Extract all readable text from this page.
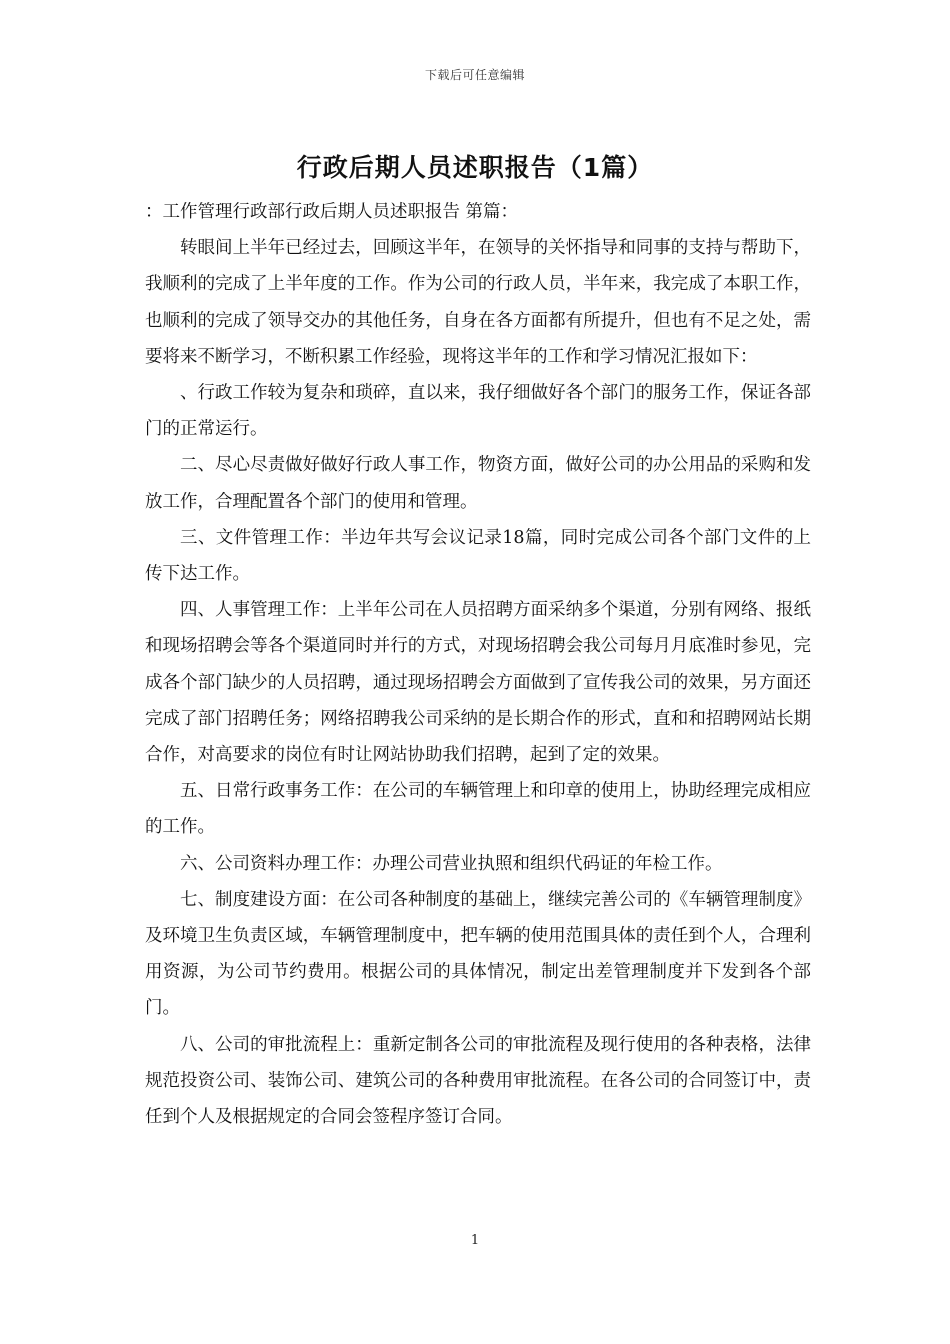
下载后可任意编辑
行政后期人员述职报告（1篇）

：工作管理行政部行政后期人员述职报告 第篇：

转眼间上半年已经过去，回顾这半年，在领导的关怀指导和同事的支持与帮助下，我顺利的完成了上半年度的工作。作为公司的行政人员，半年来，我完成了本职工作，也顺利的完成了领导交办的其他任务，自身在各方面都有所提升，但也有不足之处，需要将来不断学习，不断积累工作经验，现将这半年的工作和学习情况汇报如下：

、行政工作较为复杂和琐碎，直以来，我仔细做好各个部门的服务工作，保证各部门的正常运行。

二、尽心尽责做好做好行政人事工作，物资方面，做好公司的办公用品的采购和发放工作，合理配置各个部门的使用和管理。

三、文件管理工作：半边年共写会议记录18篇，同时完成公司各个部门文件的上传下达工作。

四、人事管理工作：上半年公司在人员招聘方面采纳多个渠道，分别有网络、报纸和现场招聘会等各个渠道同时并行的方式，对现场招聘会我公司每月月底准时参见，完成各个部门缺少的人员招聘，通过现场招聘会方面做到了宣传我公司的效果，另方面还完成了部门招聘任务；网络招聘我公司采纳的是长期合作的形式，直和和招聘网站长期合作，对高要求的岗位有时让网站协助我们招聘，起到了定的效果。

五、日常行政事务工作：在公司的车辆管理上和印章的使用上，协助经理完成相应的工作。

六、公司资料办理工作：办理公司营业执照和组织代码证的年检工作。

七、制度建设方面：在公司各种制度的基础上，继续完善公司的《车辆管理制度》及环境卫生负责区域，车辆管理制度中，把车辆的使用范围具体的责任到个人，合理利用资源，为公司节约费用。根据公司的具体情况，制定出差管理制度并下发到各个部门。

八、公司的审批流程上：重新定制各公司的审批流程及现行使用的各种表格，法律规范投资公司、装饰公司、建筑公司的各种费用审批流程。在各公司的合同签订中，责任到个人及根据规定的合同会签程序签订合同。

1
